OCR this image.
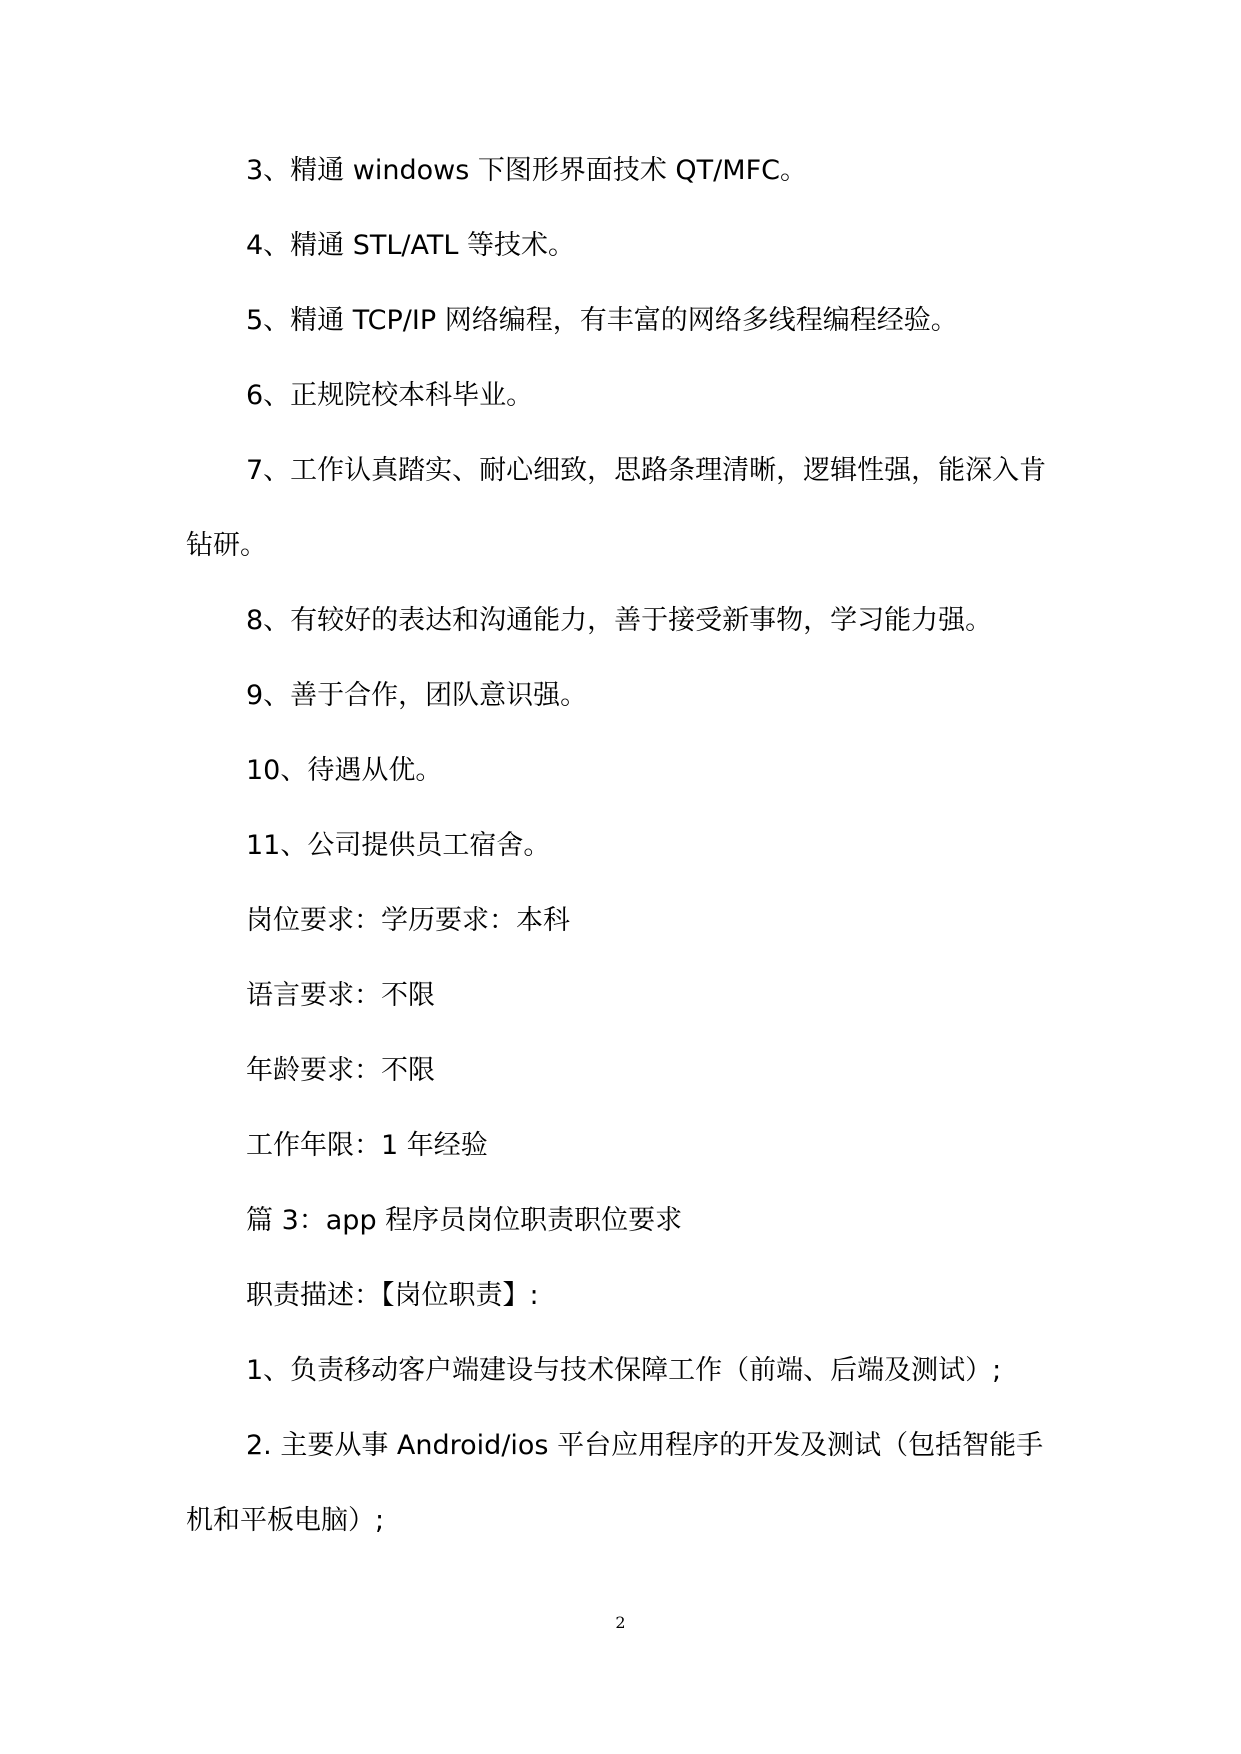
3、精通 windows 下图形界面技术 QT/MFC。

4、精通 STL/ATL 等技术。

5、精通 TCP/IP 网络编程，有丰富的网络多线程编程经验。

6、正规院校本科毕业。

7、工作认真踏实、耐心细致，思路条理清晰，逻辑性强，能深入肯钻研。

8、有较好的表达和沟通能力，善于接受新事物，学习能力强。

9、善于合作，团队意识强。

10、待遇从优。

11、公司提供员工宿舍。

岗位要求：学历要求：本科

语言要求：不限

年龄要求：不限

工作年限：1 年经验

篇 3：app 程序员岗位职责职位要求

职责描述：【岗位职责】:

1、负责移动客户端建设与技术保障工作（前端、后端及测试）;

2. 主要从事 Android/ios 平台应用程序的开发及测试（包括智能手机和平板电脑）;

2
